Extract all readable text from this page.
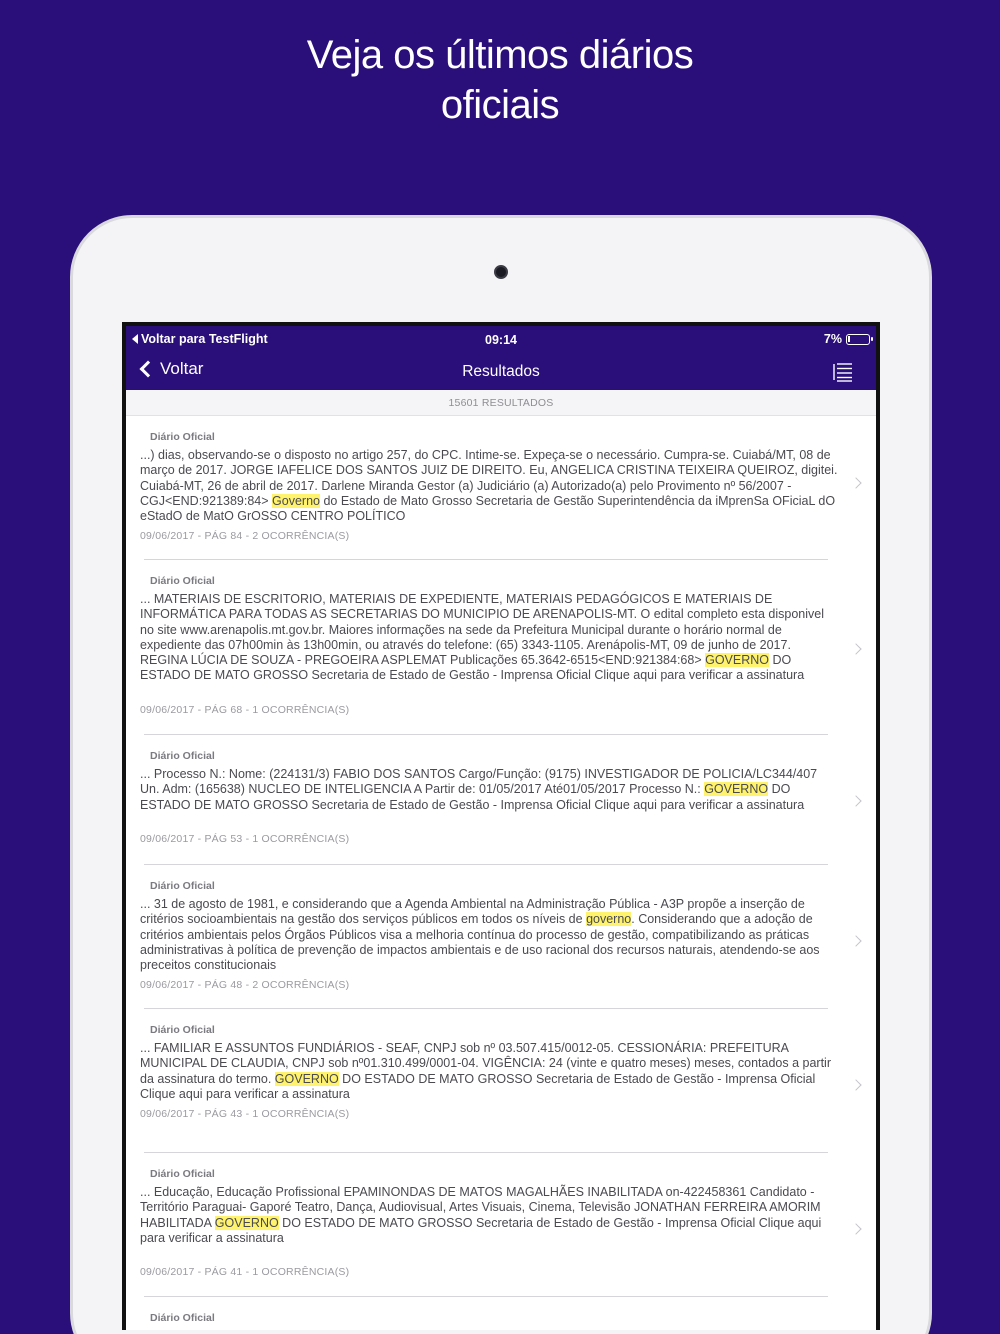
Veja os últimos diários
oficiais
Voltar para TestFlight	09:14	7%
Voltar	Resultados
15601 RESULTADOS
Diário Oficial
...) dias, observando-se o disposto no artigo 257, do CPC. Intime-se. Expeça-se o necessário. Cumpra-se. Cuiabá/MT, 08 de março de 2017. JORGE IAFELICE DOS SANTOS JUIZ DE DIREITO. Eu, ANGELICA CRISTINA TEIXEIRA QUEIROZ, digitei. Cuiabá-MT, 26 de abril de 2017. Darlene Miranda Gestor (a) Judiciário (a) Autorizado(a) pelo Provimento nº 56/2007 - CGJ<END:921389:84> Governo do Estado de Mato Grosso Secretaria de Gestão Superintendência da iMprenSa OFiciaL dO eStadO de MatO GrOSSO CENTRO POLÍTICO
09/06/2017 - PÁG 84 - 2 OCORRÊNCIA(S)
Diário Oficial
... MATERIAIS DE ESCRITORIO, MATERIAIS DE EXPEDIENTE, MATERIAIS PEDAGÓGICOS E MATERIAIS DE INFORMÁTICA PARA TODAS AS SECRETARIAS DO MUNICIPIO DE ARENAPOLIS-MT. O edital completo esta disponivel no site www.arenapolis.mt.gov.br. Maiores informações na sede da Prefeitura Municipal durante o horário normal de expediente das 07h00min às 13h00min, ou através do telefone: (65) 3343-1105. Arenápolis-MT, 09 de junho de 2017. REGINA LÚCIA DE SOUZA - PREGOEIRA ASPLEMAT Publicações 65.3642-6515<END:921384:68> GOVERNO DO ESTADO DE MATO GROSSO Secretaria de Estado de Gestão - Imprensa Oficial Clique aqui para verificar a assinatura
09/06/2017 - PÁG 68 - 1 OCORRÊNCIA(S)
Diário Oficial
... Processo N.: Nome: (224131/3) FABIO DOS SANTOS Cargo/Função: (9175) INVESTIGADOR DE POLICIA/LC344/407 Un. Adm: (165638) NUCLEO DE INTELIGENCIA A Partir de: 01/05/2017 Até01/05/2017 Processo N.: GOVERNO DO ESTADO DE MATO GROSSO Secretaria de Estado de Gestão - Imprensa Oficial Clique aqui para verificar a assinatura
09/06/2017 - PÁG 53 - 1 OCORRÊNCIA(S)
Diário Oficial
... 31 de agosto de 1981, e considerando que a Agenda Ambiental na Administração Pública - A3P propõe a inserção de critérios socioambientais na gestão dos serviços públicos em todos os níveis de governo. Considerando que a adoção de critérios ambientais pelos Órgãos Públicos visa a melhoria contínua do processo de gestão, compatibilizando as práticas administrativas à política de prevenção de impactos ambientais e de uso racional dos recursos naturais, atendendo-se aos preceitos constitucionais
09/06/2017 - PÁG 48 - 2 OCORRÊNCIA(S)
Diário Oficial
... FAMILIAR E ASSUNTOS FUNDIÁRIOS - SEAF, CNPJ sob nº 03.507.415/0012-05. CESSIONÁRIA: PREFEITURA MUNICIPAL DE CLAUDIA, CNPJ sob nº01.310.499/0001-04. VIGÊNCIA: 24 (vinte e quatro meses) meses, contados a partir da assinatura do termo. GOVERNO DO ESTADO DE MATO GROSSO Secretaria de Estado de Gestão - Imprensa Oficial Clique aqui para verificar a assinatura
09/06/2017 - PÁG 43 - 1 OCORRÊNCIA(S)
Diário Oficial
... Educação, Educação Profissional EPAMINONDAS DE MATOS MAGALHÃES INABILITADA on-422458361 Candidato - Território Paraguai- Gaporé Teatro, Dança, Audiovisual, Artes Visuais, Cinema, Televisão JONATHAN FERREIRA AMORIM HABILITADA GOVERNO DO ESTADO DE MATO GROSSO Secretaria de Estado de Gestão - Imprensa Oficial Clique aqui para verificar a assinatura
09/06/2017 - PÁG 41 - 1 OCORRÊNCIA(S)
Diário Oficial
